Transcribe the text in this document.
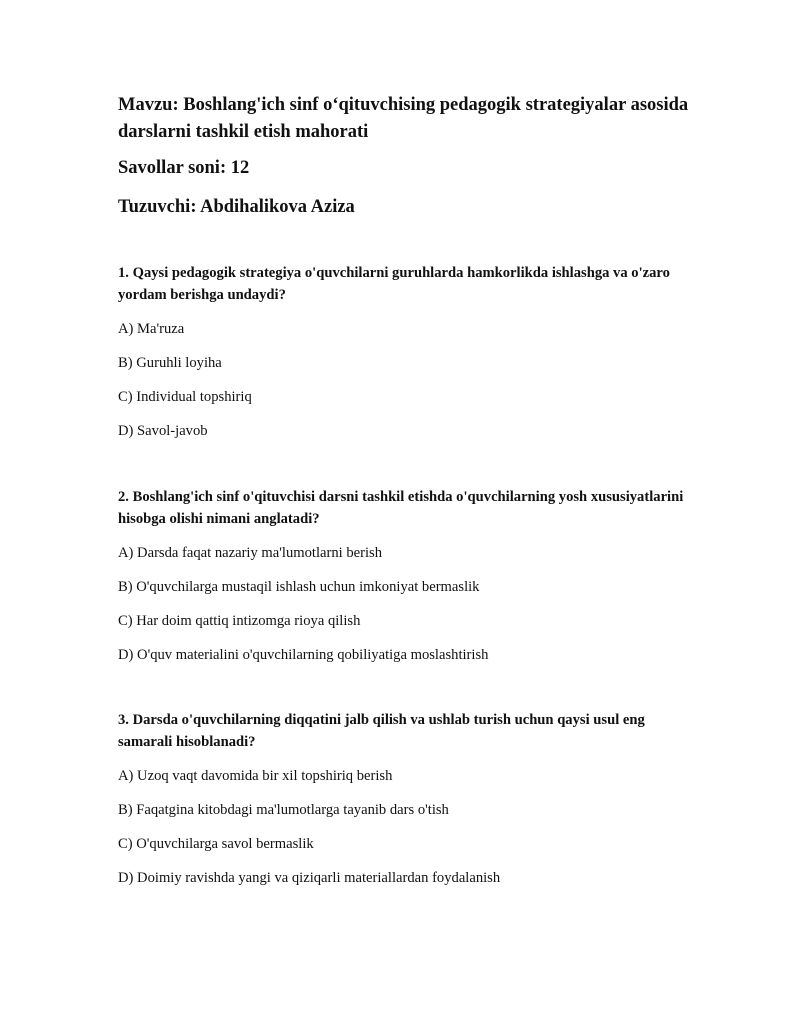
Mavzu: Boshlang'ich sinf o‘qituvchising pedagogik strategiyalar asosida darslarni tashkil etish mahorati

Savollar soni: 12

Tuzuvchi: Abdihalikova Aziza

1. Qaysi pedagogik strategiya o'quvchilarni guruhlarda hamkorlikda ishlashga va o'zaro yordam berishga undaydi?

A) Ma'ruza

B) Guruhli loyiha

C) Individual topshiriq

D) Savol-javob

2. Boshlang'ich sinf o'qituvchisi darsni tashkil etishda o'quvchilarning yosh xususiyatlarini hisobga olishi nimani anglatadi?

A) Darsda faqat nazariy ma'lumotlarni berish

B) O'quvchilarga mustaqil ishlash uchun imkoniyat bermaslik

C) Har doim qattiq intizomga rioya qilish

D) O'quv materialini o'quvchilarning qobiliyatiga moslashtirish

3. Darsda o'quvchilarning diqqatini jalb qilish va ushlab turish uchun qaysi usul eng samarali hisoblanadi?

A) Uzoq vaqt davomida bir xil topshiriq berish

B) Faqatgina kitobdagi ma'lumotlarga tayanib dars o'tish

C) O'quvchilarga savol bermaslik

D) Doimiy ravishda yangi va qiziqarli materiallardan foydalanish
